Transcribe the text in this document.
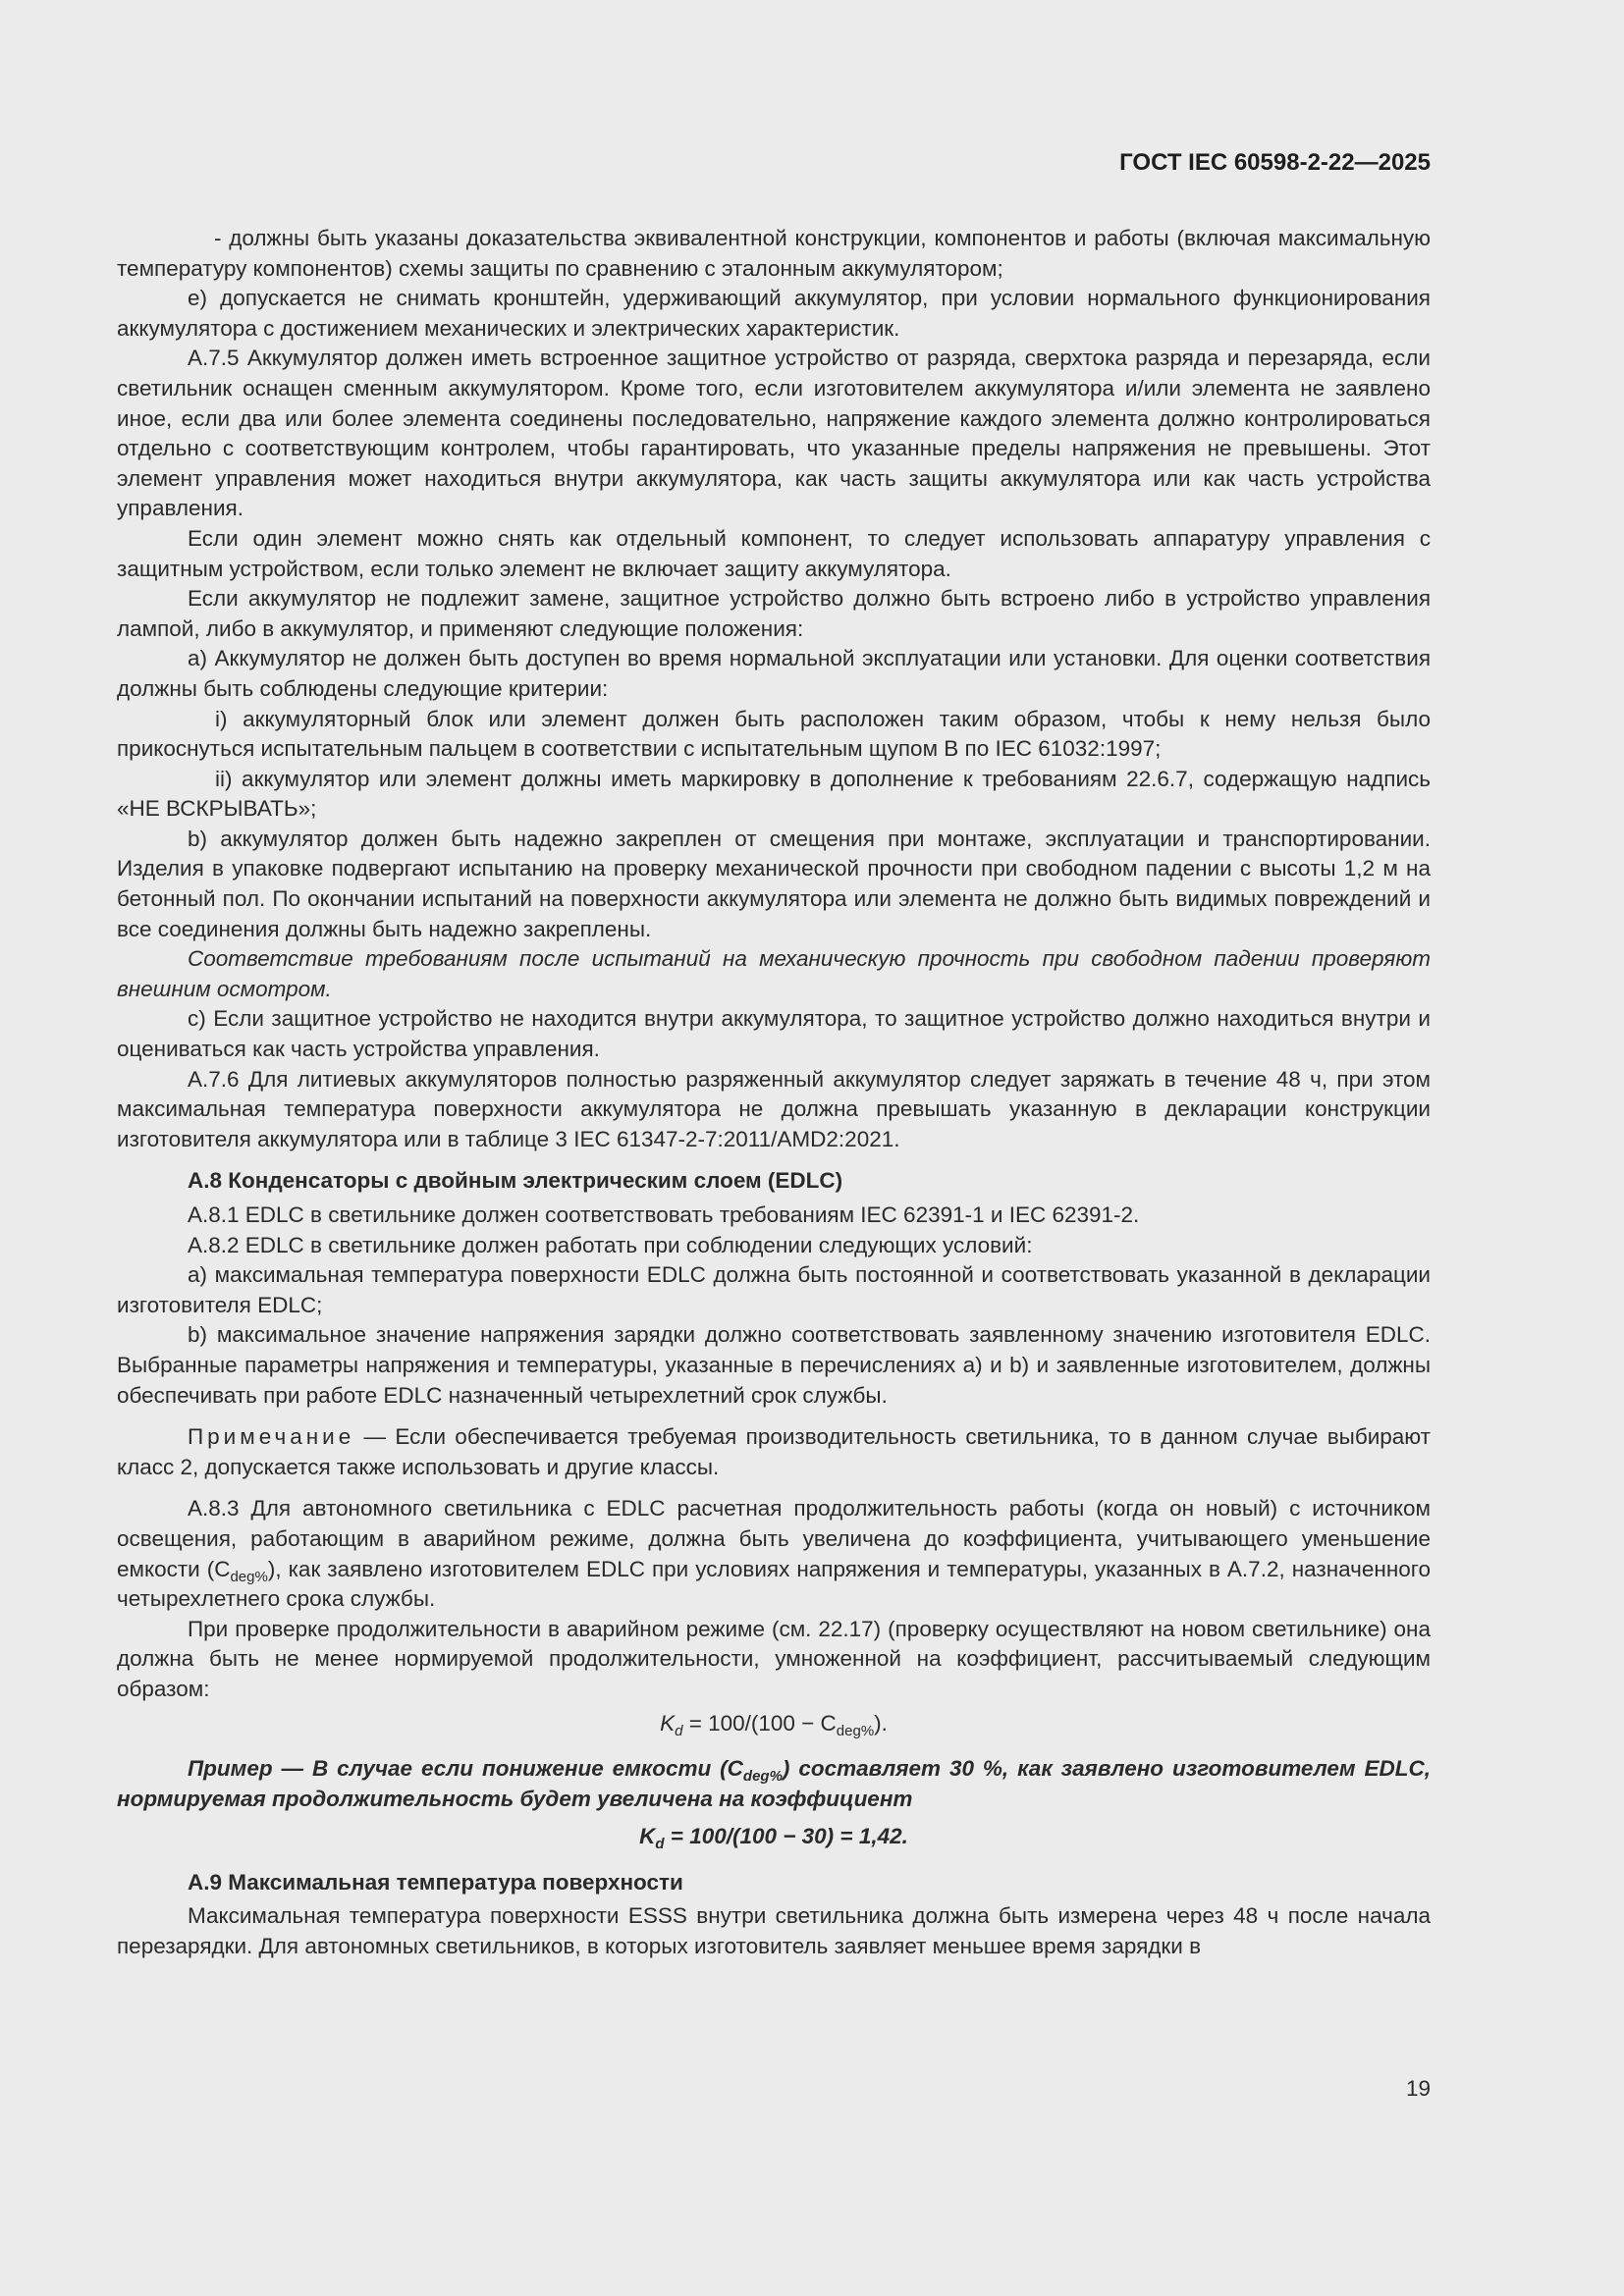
ГОСТ IEC 60598-2-22—2025

- должны быть указаны доказательства эквивалентной конструкции, компонентов и работы (включая максимальную температуру компонентов) схемы защиты по сравнению с эталонным аккумулятором;

e) допускается не снимать кронштейн, удерживающий аккумулятор, при условии нормального функционирования аккумулятора с достижением механических и электрических характеристик.

А.7.5 Аккумулятор должен иметь встроенное защитное устройство от разряда, сверхтока разряда и перезаряда, если светильник оснащен сменным аккумулятором. Кроме того, если изготовителем аккумулятора и/или элемента не заявлено иное, если два или более элемента соединены последовательно, напряжение каждого элемента должно контролироваться отдельно с соответствующим контролем, чтобы гарантировать, что указанные пределы напряжения не превышены. Этот элемент управления может находиться внутри аккумулятора, как часть защиты аккумулятора или как часть устройства управления.

Если один элемент можно снять как отдельный компонент, то следует использовать аппаратуру управления с защитным устройством, если только элемент не включает защиту аккумулятора.

Если аккумулятор не подлежит замене, защитное устройство должно быть встроено либо в устройство управления лампой, либо в аккумулятор, и применяют следующие положения:

a) Аккумулятор не должен быть доступен во время нормальной эксплуатации или установки. Для оценки соответствия должны быть соблюдены следующие критерии:

i) аккумуляторный блок или элемент должен быть расположен таким образом, чтобы к нему нельзя было прикоснуться испытательным пальцем в соответствии с испытательным щупом B по IEC 61032:1997;

ii) аккумулятор или элемент должны иметь маркировку в дополнение к требованиям 22.6.7, содержащую надпись «НЕ ВСКРЫВАТЬ»;

b) аккумулятор должен быть надежно закреплен от смещения при монтаже, эксплуатации и транспортировании. Изделия в упаковке подвергают испытанию на проверку механической прочности при свободном падении с высоты 1,2 м на бетонный пол. По окончании испытаний на поверхности аккумулятора или элемента не должно быть видимых повреждений и все соединения должны быть надежно закреплены.

Соответствие требованиям после испытаний на механическую прочность при свободном падении проверяют внешним осмотром.

c) Если защитное устройство не находится внутри аккумулятора, то защитное устройство должно находиться внутри и оцениваться как часть устройства управления.

А.7.6 Для литиевых аккумуляторов полностью разряженный аккумулятор следует заряжать в течение 48 ч, при этом максимальная температура поверхности аккумулятора не должна превышать указанную в декларации конструкции изготовителя аккумулятора или в таблице 3 IEC 61347-2-7:2011/AMD2:2021.

А.8 Конденсаторы с двойным электрическим слоем (EDLC)

А.8.1 EDLC в светильнике должен соответствовать требованиям IEC 62391-1 и IEC 62391-2.

А.8.2 EDLC в светильнике должен работать при соблюдении следующих условий:

a) максимальная температура поверхности EDLC должна быть постоянной и соответствовать указанной в декларации изготовителя EDLC;

b) максимальное значение напряжения зарядки должно соответствовать заявленному значению изготовителя EDLC. Выбранные параметры напряжения и температуры, указанные в перечислениях a) и b) и заявленные изготовителем, должны обеспечивать при работе EDLC назначенный четырехлетний срок службы.

Примечание — Если обеспечивается требуемая производительность светильника, то в данном случае выбирают класс 2, допускается также использовать и другие классы.

А.8.3 Для автономного светильника с EDLC расчетная продолжительность работы (когда он новый) с источником освещения, работающим в аварийном режиме, должна быть увеличена до коэффициента, учитывающего уменьшение емкости $(C_{deg\%})$, как заявлено изготовителем EDLC при условиях напряжения и температуры, указанных в А.7.2, назначенного четырехлетнего срока службы.

При проверке продолжительности в аварийном режиме (см. 22.17) (проверку осуществляют на новом светильнике) она должна быть не менее нормируемой продолжительности, умноженной на коэффициент, рассчитываемый следующим образом:

$K_d = 100/(100 - C_{deg\%})$.

Пример — В случае если понижение емкости $(C_{deg\%})$ составляет 30 %, как заявлено изготовителем EDLC, нормируемая продолжительность будет увеличена на коэффициент

$K_d = 100/(100 - 30) = 1,42$.

А.9 Максимальная температура поверхности

Максимальная температура поверхности ESSS внутри светильника должна быть измерена через 48 ч после начала перезарядки. Для автономных светильников, в которых изготовитель заявляет меньшее время зарядки в

19
